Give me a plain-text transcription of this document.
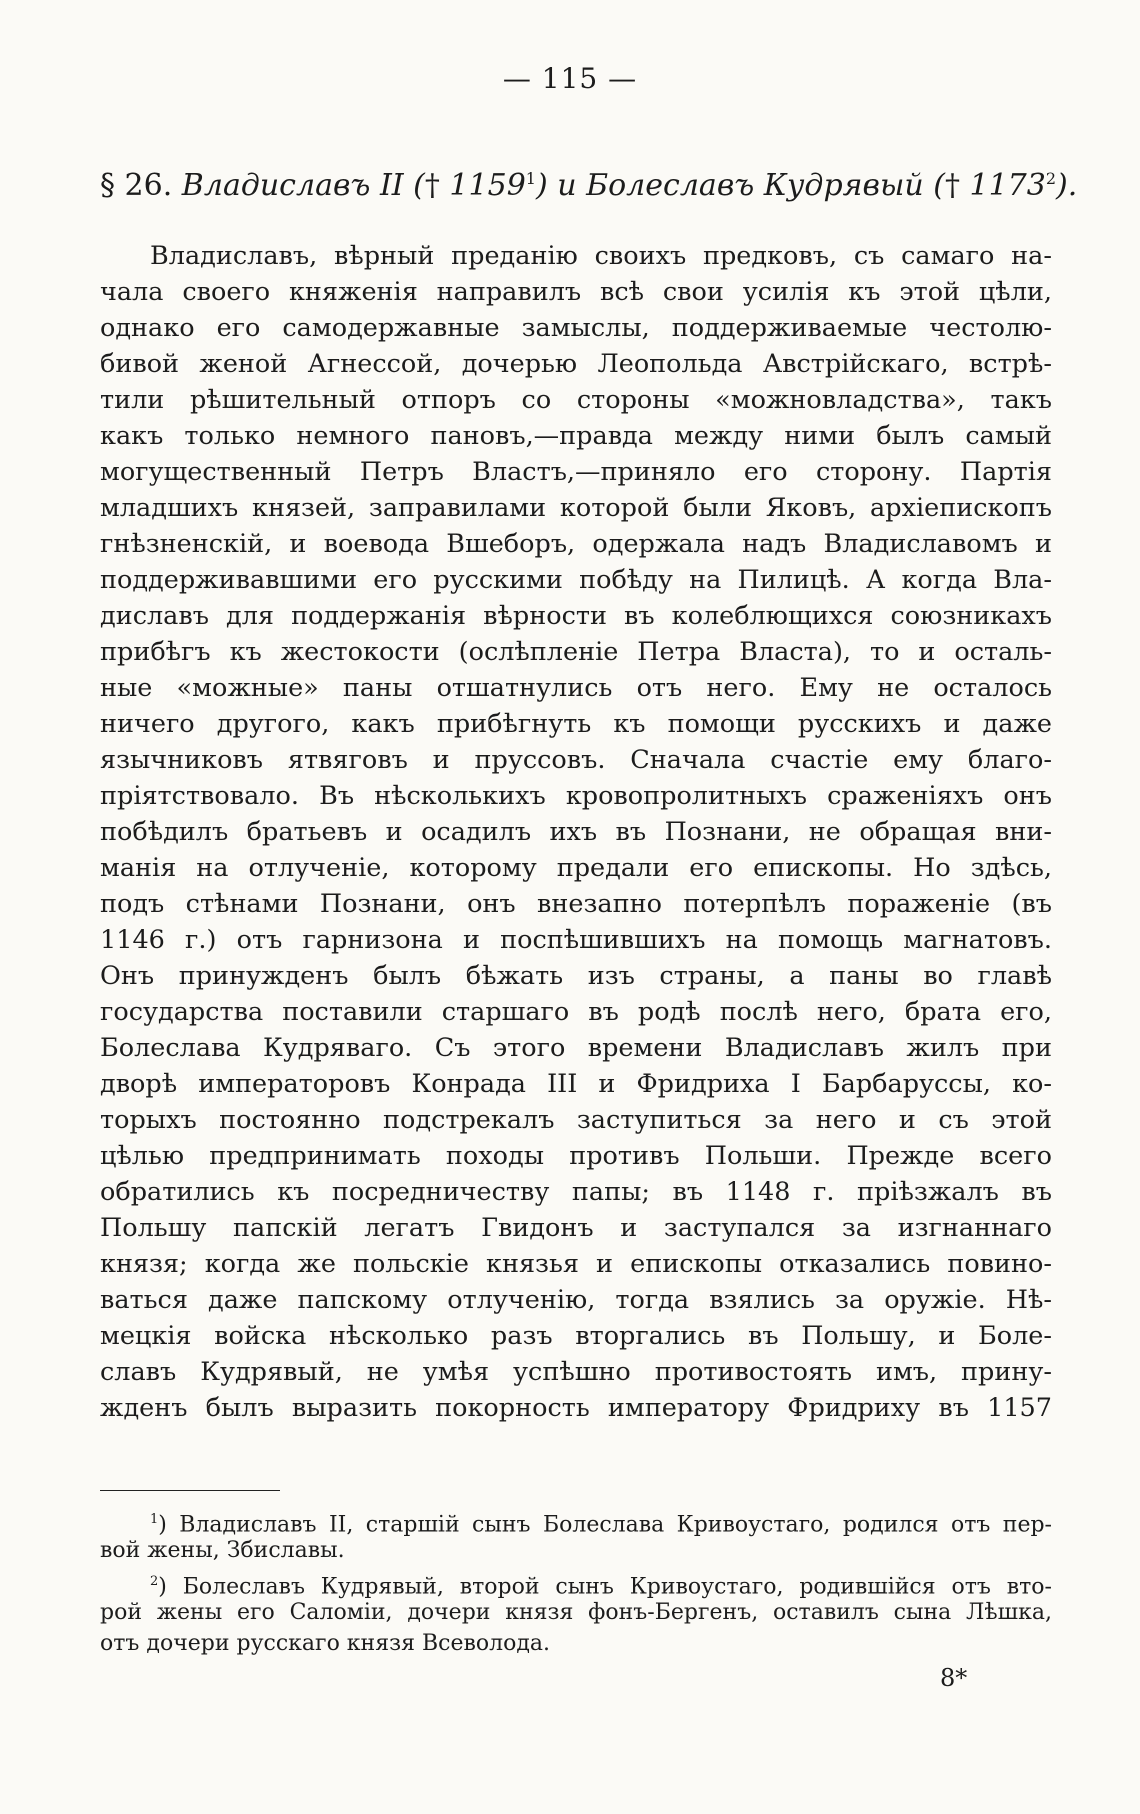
— 115 —
§ 26. Владиславъ II († 1159$^1$) и Болеславъ Кудрявый († 1173$^2$).
Владиславъ, вѣрный преданію своихъ предковъ, съ самаго на-
чала своего княженія направилъ всѣ свои усилія къ этой цѣли,
однако его самодержавные замыслы, поддерживаемые честолю-
бивой женой Агнессой, дочерью Леопольда Австрійскаго, встрѣ-
тили рѣшительный отпоръ со стороны «можновладства», такъ
какъ только немного пановъ,—правда между ними былъ самый
могущественный Петръ Властъ,—приняло его сторону. Партія
младшихъ князей, заправилами которой были Яковъ, архіепископъ
гнѣзненскій, и воевода Вшеборъ, одержала надъ Владиславомъ и
поддерживавшими его русскими побѣду на Пилицѣ. А когда Вла-
диславъ для поддержанія вѣрности въ колеблющихся союзникахъ
прибѣгъ къ жестокости (ослѣпленіе Петра Власта), то и осталь-
ные «можные» паны отшатнулись отъ него. Ему не осталось
ничего другого, какъ прибѣгнуть къ помощи русскихъ и даже
язычниковъ ятвяговъ и пруссовъ. Сначала счастіе ему благо-
пріятствовало. Въ нѣсколькихъ кровопролитныхъ сраженіяхъ онъ
побѣдилъ братьевъ и осадилъ ихъ въ Познани, не обращая вни-
манія на отлученіе, которому предали его епископы. Но здѣсь,
подъ стѣнами Познани, онъ внезапно потерпѣлъ пораженіе (въ
1146 г.) отъ гарнизона и поспѣшившихъ на помощь магнатовъ.
Онъ принужденъ былъ бѣжать изъ страны, а паны во главѣ
государства поставили старшаго въ родѣ послѣ него, брата его,
Болеслава Кудряваго. Съ этого времени Владиславъ жилъ при
дворѣ императоровъ Конрада III и Фридриха I Барбаруссы, ко-
торыхъ постоянно подстрекалъ заступиться за него и съ этой
цѣлью предпринимать походы противъ Польши. Прежде всего
обратились къ посредничеству папы; въ 1148 г. пріѣзжалъ въ
Польшу папскій легатъ Гвидонъ и заступался за изгнаннаго
князя; когда же польскіе князья и епископы отказались повино-
ваться даже папскому отлученію, тогда взялись за оружіе. Нѣ-
мецкія войска нѣсколько разъ вторгались въ Польшу, и Боле-
славъ Кудрявый, не умѣя успѣшно противостоять имъ, прину-
жденъ былъ выразить покорность императору Фридриху въ 1157
$^1$) Владиславъ II, старшій сынъ Болеслава Кривоустаго, родился отъ пер-
вой жены, Збиславы.
$^2$) Болеславъ Кудрявый, второй сынъ Кривоустаго, родившійся отъ вто-
рой жены его Саломіи, дочери князя фонъ-Бергенъ, оставилъ сына Лѣшка,
отъ дочери русскаго князя Всеволода.
8*
